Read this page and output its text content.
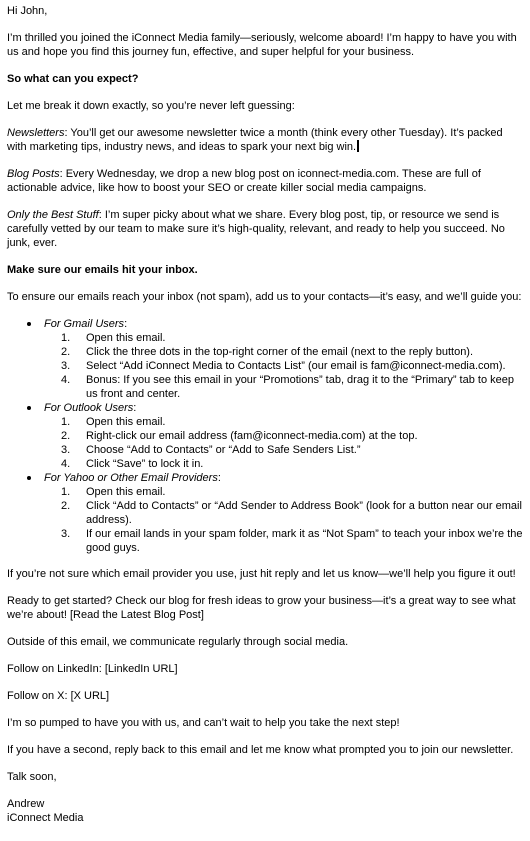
Hi John,

I’m thrilled you joined the iConnect Media family—seriously, welcome aboard! I’m happy to have you with us and hope you find this journey fun, effective, and super helpful for your business.

So what can you expect?

Let me break it down exactly, so you’re never left guessing:

Newsletters: You’ll get our awesome newsletter twice a month (think every other Tuesday). It’s packed with marketing tips, industry news, and ideas to spark your next big win.

Blog Posts: Every Wednesday, we drop a new blog post on iconnect-media.com. These are full of actionable advice, like how to boost your SEO or create killer social media campaigns.

Only the Best Stuff: I’m super picky about what we share. Every blog post, tip, or resource we send is carefully vetted by our team to make sure it’s high-quality, relevant, and ready to help you succeed. No junk, ever.

Make sure our emails hit your inbox.

To ensure our emails reach your inbox (not spam), add us to your contacts—it’s easy, and we’ll guide you:

For Gmail Users:
1. Open this email.
2. Click the three dots in the top-right corner of the email (next to the reply button).
3. Select “Add iConnect Media to Contacts List” (our email is fam@iconnect-media.com).
4. Bonus: If you see this email in your “Promotions” tab, drag it to the “Primary” tab to keep us front and center.
For Outlook Users:
1. Open this email.
2. Right-click our email address (fam@iconnect-media.com) at the top.
3. Choose “Add to Contacts” or “Add to Safe Senders List.”
4. Click “Save” to lock it in.
For Yahoo or Other Email Providers:
1. Open this email.
2. Click “Add to Contacts” or “Add Sender to Address Book” (look for a button near our email address).
3. If our email lands in your spam folder, mark it as “Not Spam” to teach your inbox we’re the good guys.

If you’re not sure which email provider you use, just hit reply and let us know—we’ll help you figure it out!

Ready to get started? Check our blog for fresh ideas to grow your business—it’s a great way to see what we’re about! [Read the Latest Blog Post]

Outside of this email, we communicate regularly through social media.

Follow on LinkedIn: [LinkedIn URL]

Follow on X: [X URL]

I’m so pumped to have you with us, and can’t wait to help you take the next step!

If you have a second, reply back to this email and let me know what prompted you to join our newsletter.

Talk soon,

Andrew

iConnect Media
